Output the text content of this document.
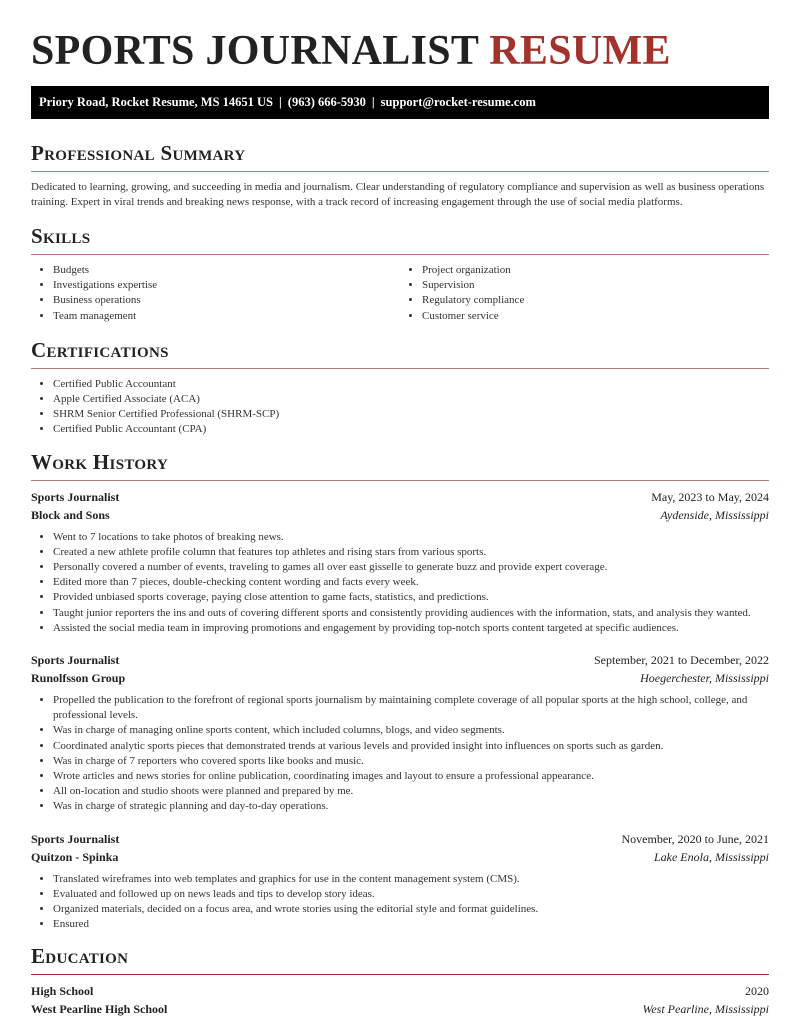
SPORTS JOURNALIST RESUME
Priory Road, Rocket Resume, MS 14651 US | (963) 666-5930 | support@rocket-resume.com
Professional Summary

Dedicated to learning, growing, and succeeding in media and journalism. Clear understanding of regulatory compliance and supervision as well as business operations training. Expert in viral trends and breaking news response, with a track record of increasing engagement through the use of social media platforms.

Skills
• Budgets
• Investigations expertise
• Business operations
• Team management
• Project organization
• Supervision
• Regulatory compliance
• Customer service
Certifications
• Certified Public Accountant
• Apple Certified Associate (ACA)
• SHRM Senior Certified Professional (SHRM-SCP)
• Certified Public Accountant (CPA)
Work History
Sports Journalist	May, 2023 to May, 2024
Block and Sons	Aydenside, Mississippi
• Went to 7 locations to take photos of breaking news.
• Created a new athlete profile column that features top athletes and rising stars from various sports.
• Personally covered a number of events, traveling to games all over east gisselle to generate buzz and provide expert coverage.
• Edited more than 7 pieces, double-checking content wording and facts every week.
• Provided unbiased sports coverage, paying close attention to game facts, statistics, and predictions.
• Taught junior reporters the ins and outs of covering different sports and consistently providing audiences with the information, stats, and analysis they wanted.
• Assisted the social media team in improving promotions and engagement by providing top-notch sports content targeted at specific audiences.
Sports Journalist	September, 2021 to December, 2022
Runolfsson Group	Hoegerchester, Mississippi
• Propelled the publication to the forefront of regional sports journalism by maintaining complete coverage of all popular sports at the high school, college, and professional levels.
• Was in charge of managing online sports content, which included columns, blogs, and video segments.
• Coordinated analytic sports pieces that demonstrated trends at various levels and provided insight into influences on sports such as garden.
• Was in charge of 7 reporters who covered sports like books and music.
• Wrote articles and news stories for online publication, coordinating images and layout to ensure a professional appearance.
• All on-location and studio shoots were planned and prepared by me.
• Was in charge of strategic planning and day-to-day operations.
Sports Journalist	November, 2020 to June, 2021
Quitzon - Spinka	Lake Enola, Mississippi
• Translated wireframes into web templates and graphics for use in the content management system (CMS).
• Evaluated and followed up on news leads and tips to develop story ideas.
• Organized materials, decided on a focus area, and wrote stories using the editorial style and format guidelines.
• Ensured
Education
High School	2020
West Pearline High School	West Pearline, Mississippi
